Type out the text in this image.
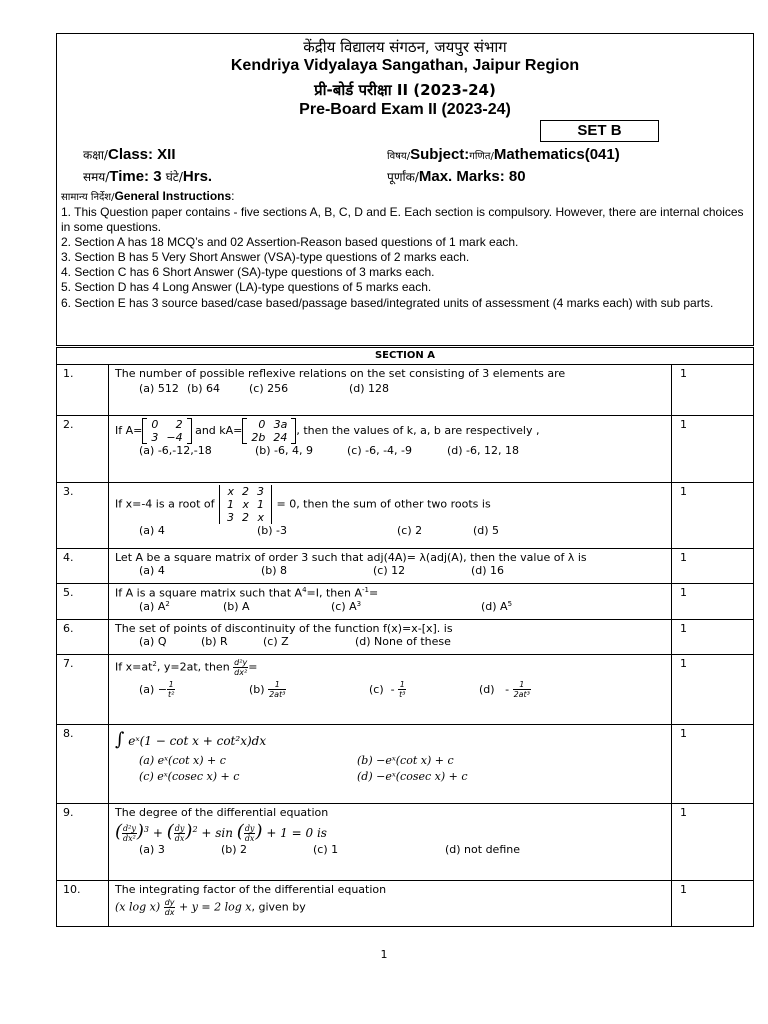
केंद्रीय विद्यालय संगठन, जयपुर संभाग
Kendriya Vidyalaya Sangathan, Jaipur Region
प्री-बोर्ड परीक्षा II (2023-24)
Pre-Board Exam II (2023-24)
SET B
कक्षा/Class: XII	विषय/Subject:गणित/Mathematics(041)
समय/Time: 3 घंटे/Hrs.	पूर्णांक/Max. Marks: 80
सामान्य निर्देश/General Instructions:
1. This Question paper contains - five sections A, B, C, D and E. Each section is compulsory. However, there are internal choices in some questions.
2. Section A has 18 MCQ’s and 02 Assertion-Reason based questions of 1 mark each.
3. Section B has 5 Very Short Answer (VSA)-type questions of 2 marks each.
4. Section C has 6 Short Answer (SA)-type questions of 3 marks each.
5. Section D has 4 Long Answer (LA)-type questions of 5 marks each.
6. Section E has 3 source based/case based/passage based/integrated units of assessment (4 marks each) with sub parts.
SECTION A
1.	The number of possible reflexive relations on the set consisting of 3 elements are
(a) 512 (b) 64	(c) 256	(d) 128
	1
2.	If A= 0	2
3	−4
and kA= 0	3a
2b	24
, then the values of k, a, b are respectively ,
(a) -6,-12,-18	(b) -6, 4, 9	(c) -6, -4, -9	(d) -6, 12, 18
	1
3.	
If x=-4 is a root of
x	2	3
1	x	1
3	2	x
= 0, then the sum of other two roots is
(a) 4	(b) -3	(c) 2	(d) 5
	1
4.	Let A be a square matrix of order 3 such that adj(4A)= λ(adj(A), then the value of λ is
(a) 4	(b) 8	(c) 12	(d) 16
	1
5.	If A is a square matrix such that $A^4=I$, then $A^{-1}=$
(a) $A^2$	(b) A	(c) $A^3$	(d) $A^5$
	1
6.	The set of points of discontinuity of the function f(x)=x-[x]. is
(a) Q	(b) R	(c) Z	(d) None of these
	1
7.	If $x=at^2$, y=2at, then $\frac{\text{d²y}}{\text{dx²}}$ =
$(a) - \frac{1}{\text{t²}}$	$(b) \frac{1}{\text{2at³}}$	$(c) - \frac{1}{\text{t³}}$	$(d) - \frac{1}{\text{2at³}}$
	1
8.	∫ eˣ(1 − cot x + cot²x)dx
(a) eˣ(cot x) + c	(b) −eˣ(cot x) + c
(c) eˣ(cosec x) + c	(d) −eˣ(cosec x) + c
	1
9.	The degree of the differential equation
( $\frac{\text{d²y}}{\text{dx²}} )^3$ + ( $\frac{dy}{dx} )^2 + \sin$ ( $\frac{dy}{dx}$ ) + 1 = 0 is
(a) 3	(b) 2	(c) 1	(d) not define
	1
10.	The integrating factor of the differential equation
(x $\log x) \frac{dy}{dx} + y = 2$ log x, given by
	1
1
